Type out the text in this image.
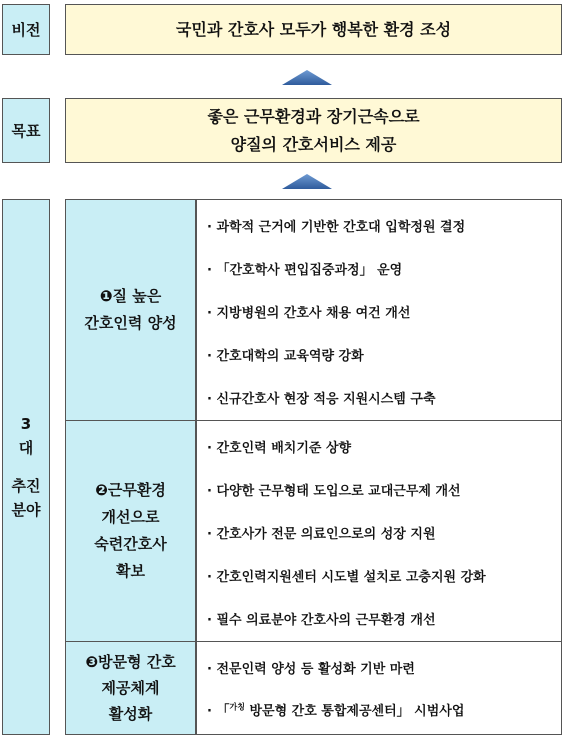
비전	국민과 간호사 모두가 행복한 환경 조성
목표
좋은 근무환경과 장기근속으로
양질의 간호서비스 제공
3
대
추진
분야
❶질 높은
간호인력 양성
· 과학적 근거에 기반한 간호대 입학정원 결정
· 「간호학사 편입집중과정」 운영
· 지방병원의 간호사 채용 여건 개선
· 간호대학의 교육역량 강화
· 신규간호사 현장 적응 지원시스템 구축
❷근무환경
개선으로
숙련간호사
확보
· 간호인력 배치기준 상향
· 다양한 근무형태 도입으로 교대근무제 개선
· 간호사가 전문 의료인으로의 성장 지원
· 간호인력지원센터 시도별 설치로 고충지원 강화
· 필수 의료분야 간호사의 근무환경 개선
❸방문형 간호
제공체계
활성화
· 전문인력 양성 등 활성화 기반 마련
· 「$^{가칭}$ 방문형 간호 통합제공센터」 시범사업
